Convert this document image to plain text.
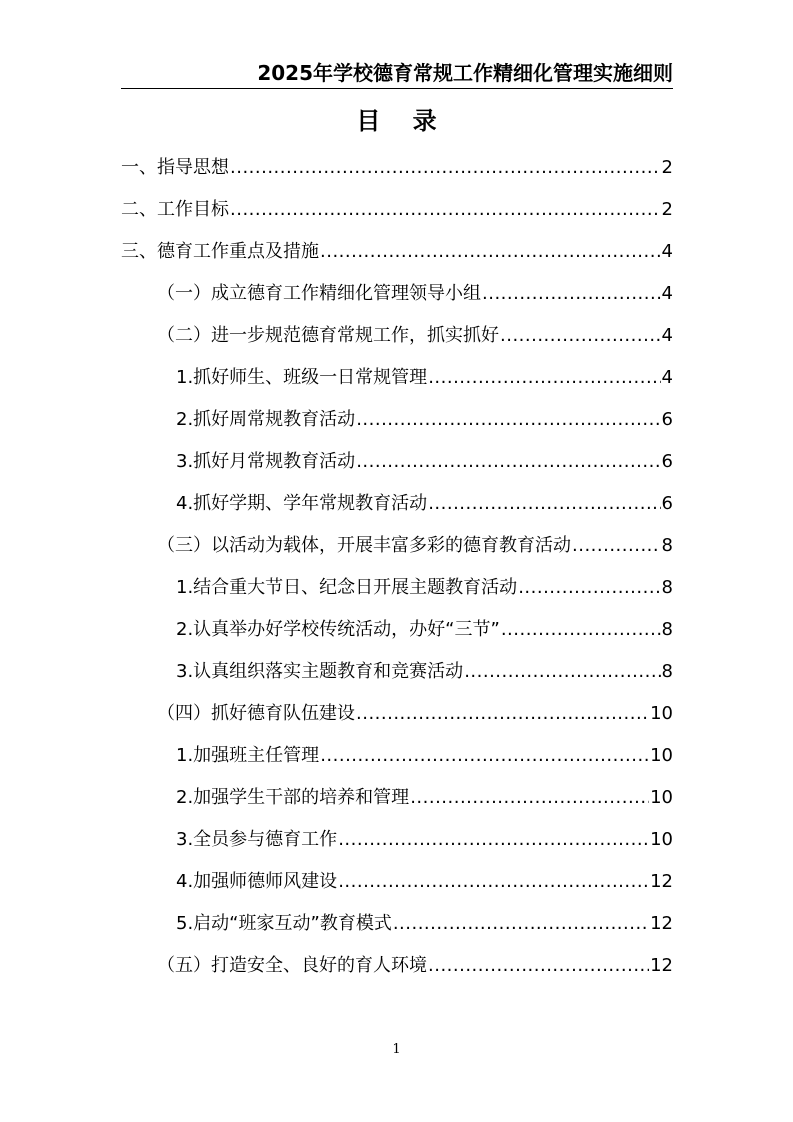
2025年学校德育常规工作精细化管理实施细则
目 录
一、指导思想 .....	2
二、工作目标 .....	2
三、德育工作重点及措施 .....	4
（一）成立德育工作精细化管理领导小组 .....	4
（二）进一步规范德育常规工作，抓实抓好 .....	4
1.抓好师生、班级一日常规管理 .....	4
2.抓好周常规教育活动 .....	6
3.抓好月常规教育活动 .....	6
4.抓好学期、学年常规教育活动 .....	6
（三）以活动为载体，开展丰富多彩的德育教育活动 .....	8
1.结合重大节日、纪念日开展主题教育活动 .....	8
2.认真举办好学校传统活动，办好“三节” .....	8
3.认真组织落实主题教育和竞赛活动 .....	8
（四）抓好德育队伍建设 .....	10
1.加强班主任管理 .....	10
2.加强学生干部的培养和管理 .....	10
3.全员参与德育工作 .....	10
4.加强师德师风建设 .....	12
5.启动“班家互动”教育模式 .....	12
（五）打造安全、良好的育人环境 .....	12
1
